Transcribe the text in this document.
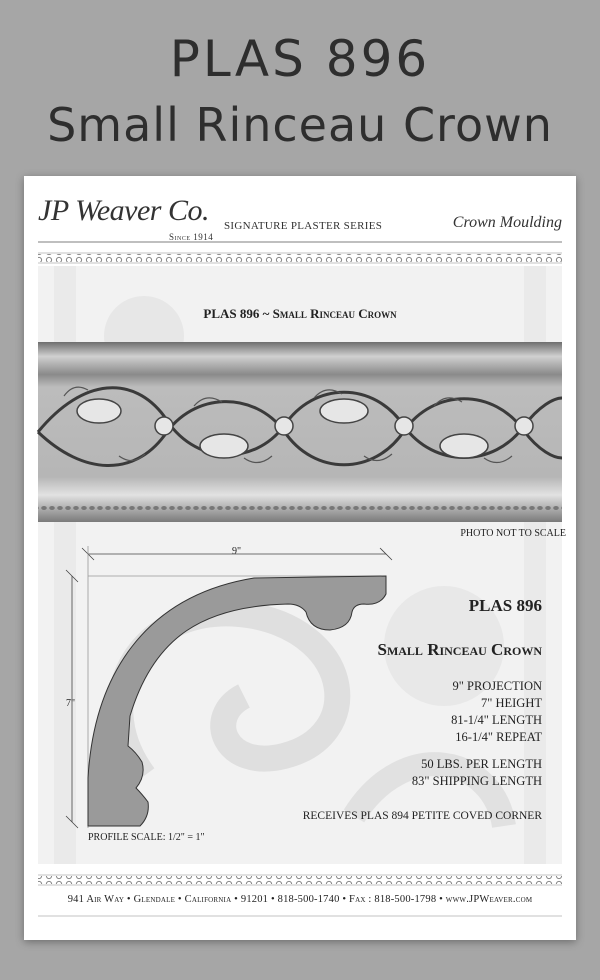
PLAS 896
Small Rinceau Crown
JP Weaver Co.
Since 1914
SIGNATURE PLASTER SERIES	Crown Moulding
PLAS 896 ~ Small Rinceau Crown
PHOTO NOT TO SCALE
9"
7"
PLAS 896
Small Rinceau Crown

9" PROJECTION

7" HEIGHT

81-1/4" LENGTH

16-1/4" REPEAT

50 LBS. PER LENGTH

83" SHIPPING LENGTH

RECEIVES PLAS 894 PETITE COVED CORNER
PROFILE SCALE: 1/2" = 1"
941 Air Way • Glendale • California • 91201 • 818-500-1740 • Fax : 818-500-1798 • www.JPWeaver.com
